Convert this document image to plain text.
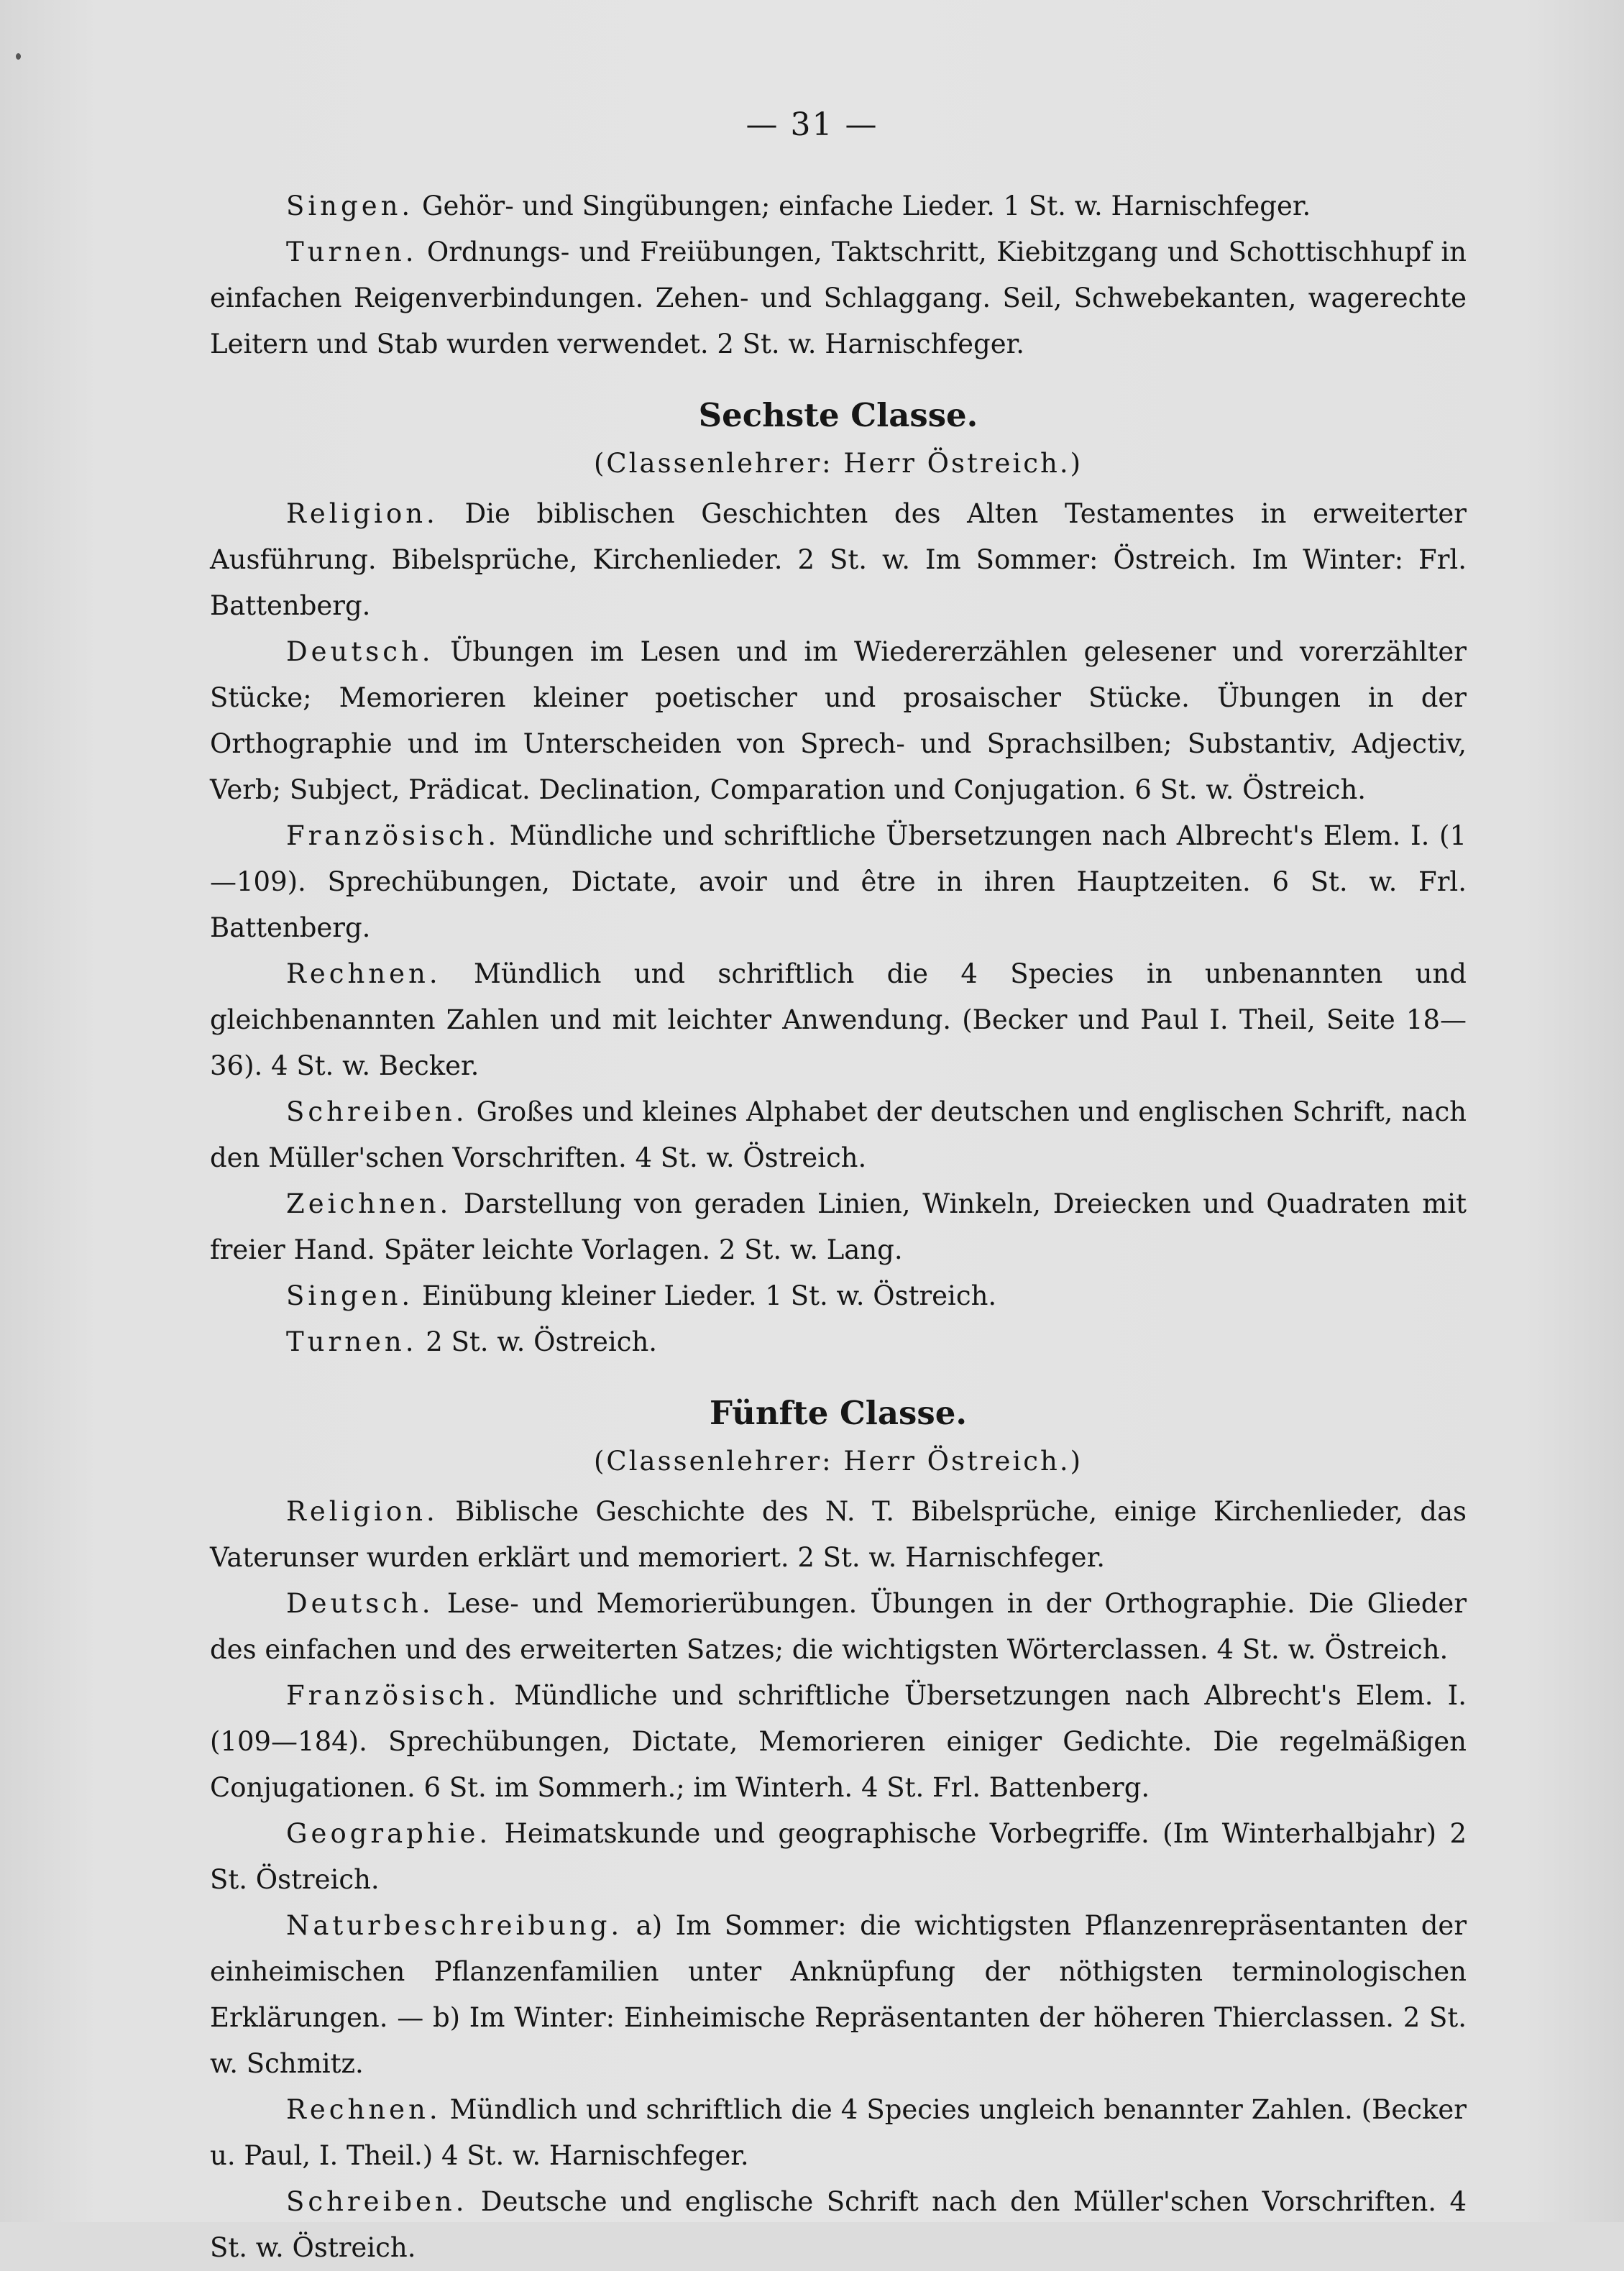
— 31 —

Singen. Gehör- und Singübungen; einfache Lieder. 1 St. w. Harnischfeger.

Turnen. Ordnungs- und Freiübungen, Taktschritt, Kiebitzgang und Schottischhupf in einfachen Reigenverbindungen. Zehen- und Schlaggang. Seil, Schwebekanten, wagerechte Leitern und Stab wurden verwendet. 2 St. w. Harnischfeger.

Sechste Classe.
(Classenlehrer: Herr Östreich.)

Religion. Die biblischen Geschichten des Alten Testamentes in erweiterter Ausführung. Bibelsprüche, Kirchenlieder. 2 St. w. Im Sommer: Östreich. Im Winter: Frl. Battenberg.

Deutsch. Übungen im Lesen und im Wiedererzählen gelesener und vorerzählter Stücke; Memorieren kleiner poetischer und prosaischer Stücke. Übungen in der Orthographie und im Unterscheiden von Sprech- und Sprachsilben; Substantiv, Adjectiv, Verb; Subject, Prädicat. Declination, Comparation und Conjugation. 6 St. w. Östreich.

Französisch. Mündliche und schriftliche Übersetzungen nach Albrecht's Elem. I. (1—109). Sprechübungen, Dictate, avoir und être in ihren Hauptzeiten. 6 St. w. Frl. Battenberg.

Rechnen. Mündlich und schriftlich die 4 Species in unbenannten und gleichbenannten Zahlen und mit leichter Anwendung. (Becker und Paul I. Theil, Seite 18—36). 4 St. w. Becker.

Schreiben. Großes und kleines Alphabet der deutschen und englischen Schrift, nach den Müller'schen Vorschriften. 4 St. w. Östreich.

Zeichnen. Darstellung von geraden Linien, Winkeln, Dreiecken und Quadraten mit freier Hand. Später leichte Vorlagen. 2 St. w. Lang.

Singen. Einübung kleiner Lieder. 1 St. w. Östreich.

Turnen. 2 St. w. Östreich.

Fünfte Classe.
(Classenlehrer: Herr Östreich.)

Religion. Biblische Geschichte des N. T. Bibelsprüche, einige Kirchenlieder, das Vaterunser wurden erklärt und memoriert. 2 St. w. Harnischfeger.

Deutsch. Lese- und Memorierübungen. Übungen in der Orthographie. Die Glieder des einfachen und des erweiterten Satzes; die wichtigsten Wörterclassen. 4 St. w. Östreich.

Französisch. Mündliche und schriftliche Übersetzungen nach Albrecht's Elem. I. (109—184). Sprechübungen, Dictate, Memorieren einiger Gedichte. Die regelmäßigen Conjugationen. 6 St. im Sommerh.; im Winterh. 4 St. Frl. Battenberg.

Geographie. Heimatskunde und geographische Vorbegriffe. (Im Winterhalbjahr) 2 St. Östreich.

Naturbeschreibung. a) Im Sommer: die wichtigsten Pflanzenrepräsentanten der einheimischen Pflanzenfamilien unter Anknüpfung der nöthigsten terminologischen Erklärungen. — b) Im Winter: Einheimische Repräsentanten der höheren Thierclassen. 2 St. w. Schmitz.

Rechnen. Mündlich und schriftlich die 4 Species ungleich benannter Zahlen. (Becker u. Paul, I. Theil.) 4 St. w. Harnischfeger.

Schreiben. Deutsche und englische Schrift nach den Müller'schen Vorschriften. 4 St. w. Östreich.
